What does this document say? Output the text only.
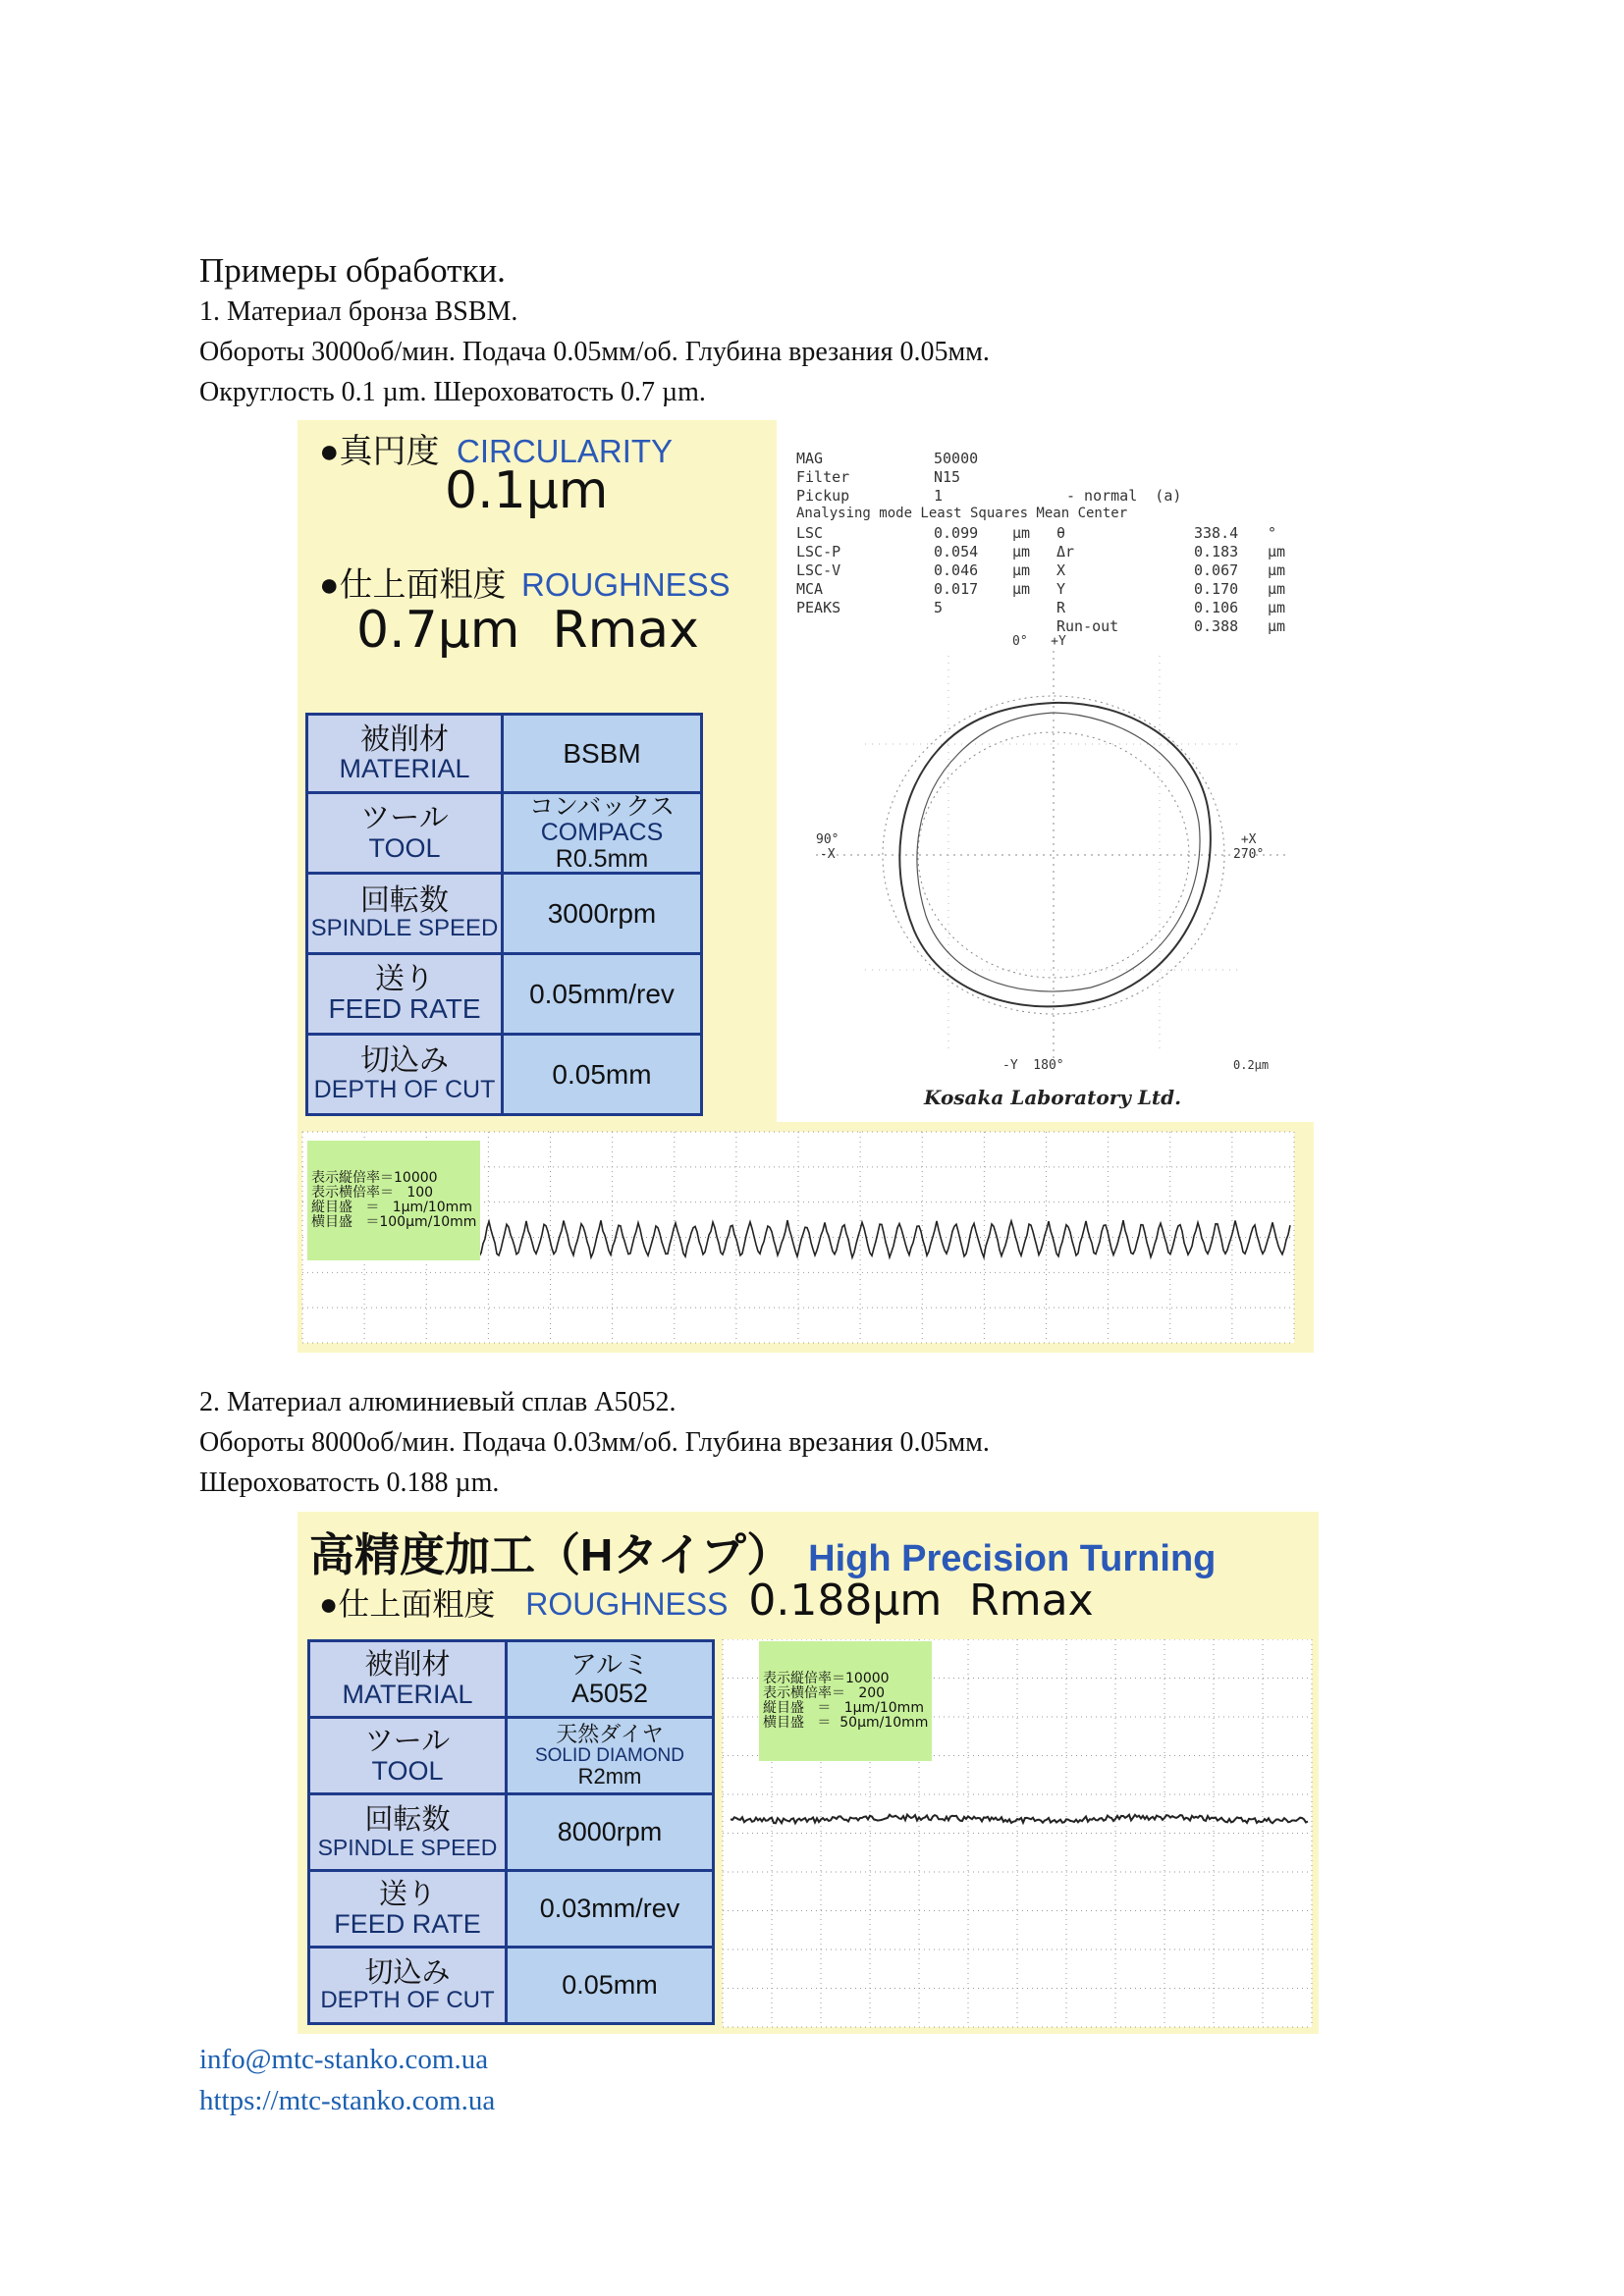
Примеры обработки.
1. Материал бронза BSBM.
Обороты 3000об/мин. Подача 0.05мм/об. Глубина врезания 0.05мм.
Округлость 0.1 µm. Шероховатость 0.7 µm.
●真円度 CIRCULARITY
0.1µm
●仕上面粗度 ROUGHNESS
0.7µm  Rmax
被削材
MATERIAL	BSBM

ツール
TOOL	コンバックス
COMPACS
R0.5mm

回転数
SPINDLE SPEED	3000rpm

送り
FEED RATE	0.05mm/rev

切込み
DEPTH OF CUT	0.05mm
MAG	50000
Filter	N15
Pickup	1	- normal  (a)
Analysing mode Least Squares Mean Center
LSC	0.099 µm θ	338.4 °
LSC-P	0.054 µm Δr	0.183 µm
LSC-V	0.046 µm X	0.067 µm
MCA	0.017 µm Y	0.170 µm
PEAKS	5	R	0.106 µm
Run-out	0.388 µm
0°   +Y
90°
-X
+X
270°
-Y  180°	0.2µm
Kosaka Laboratory Ltd.

表示縦倍率＝10000
表示横倍率＝   100
縦目盛   ＝   1µm/10mm
横目盛   ＝100µm/10mm

2. Материал алюминиевый сплав A5052.
Обороты 8000об/мин. Подача 0.03мм/об. Глубина врезания 0.05мм.
Шероховатость 0.188 µm.
高精度加工（Hタイプ） High Precision Turning
●仕上面粗度 ROUGHNESS 0.188µm  Rmax
被削材
MATERIAL	アルミ
A5052

ツール
TOOL	天然ダイヤ
SOLID DIAMOND
R2mm

回転数
SPINDLE SPEED	8000rpm

送り
FEED RATE	0.03mm/rev

切込み
DEPTH OF CUT	0.05mm

表示縦倍率＝10000
表示横倍率＝   200
縦目盛   ＝   1µm/10mm
横目盛   ＝  50µm/10mm

info@mtc-stanko.com.ua
https://mtc-stanko.com.ua
